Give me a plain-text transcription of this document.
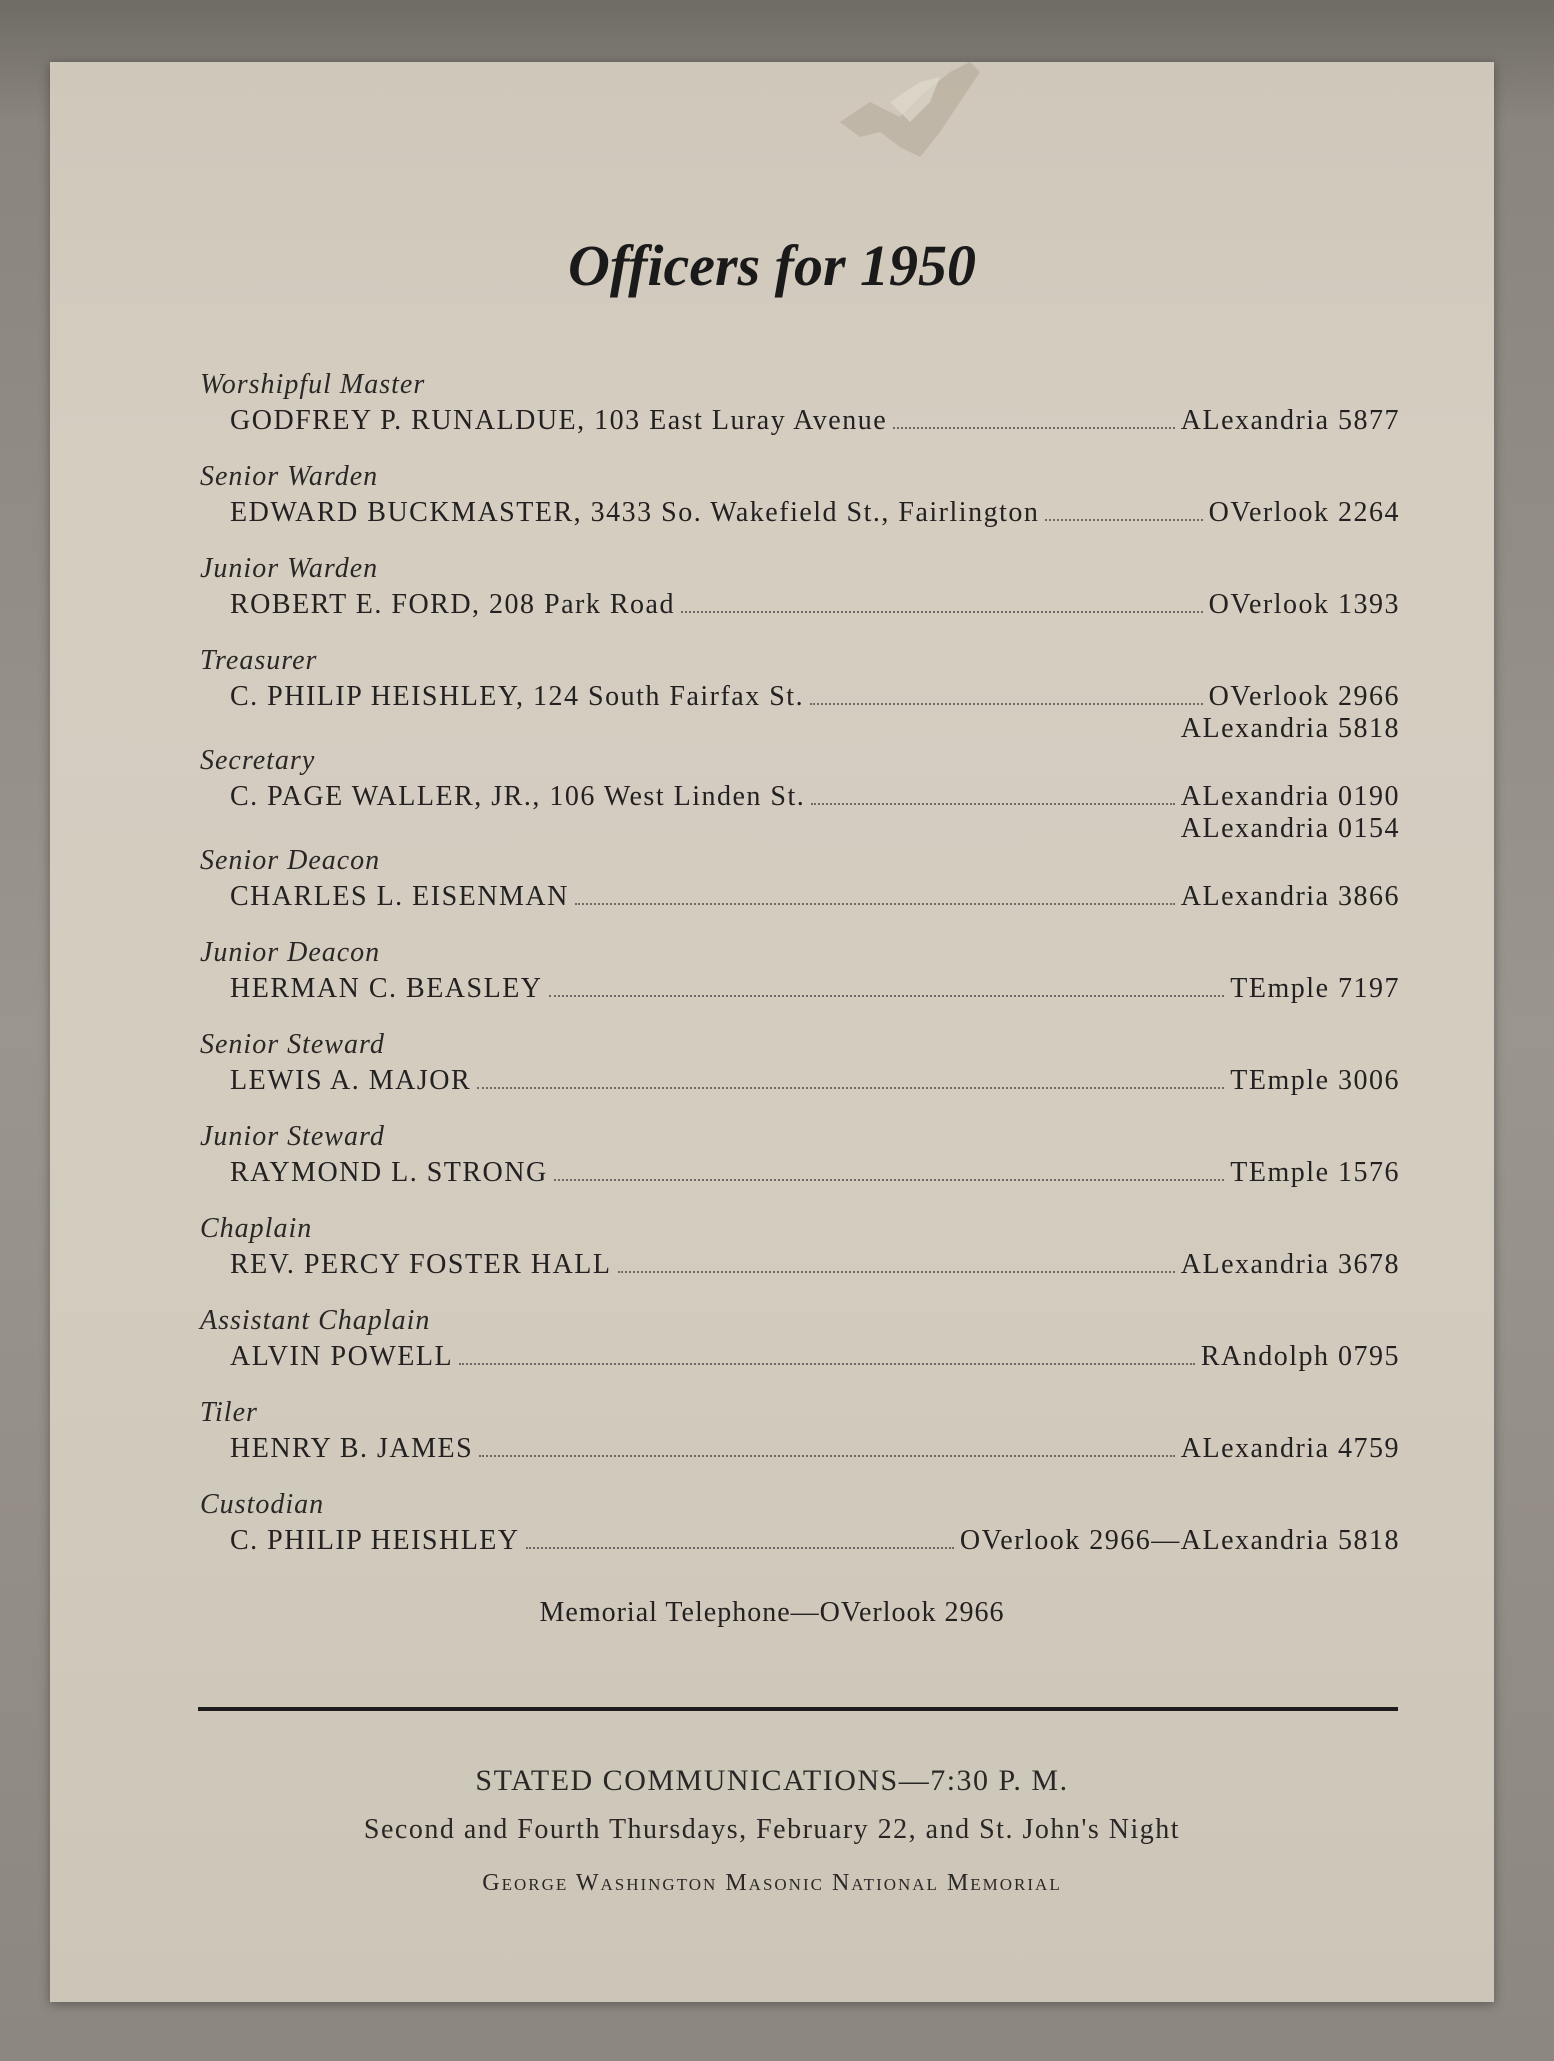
Officers for 1950
Worshipful Master
GODFREY P. RUNALDUE, 103 East Luray Avenue	ALexandria 5877
Senior Warden
EDWARD BUCKMASTER, 3433 So. Wakefield St., Fairlington	OVerlook 2264
Junior Warden
ROBERT E. FORD, 208 Park Road	OVerlook 1393
Treasurer
C. PHILIP HEISHLEY, 124 South Fairfax St.	OVerlook 2966
ALexandria 5818
Secretary
C. PAGE WALLER, JR., 106 West Linden St.	ALexandria 0190
ALexandria 0154
Senior Deacon
CHARLES L. EISENMAN	ALexandria 3866
Junior Deacon
HERMAN C. BEASLEY	TEmple 7197
Senior Steward
LEWIS A. MAJOR	TEmple 3006
Junior Steward
RAYMOND L. STRONG	TEmple 1576
Chaplain
REV. PERCY FOSTER HALL	ALexandria 3678
Assistant Chaplain
ALVIN POWELL	RAndolph 0795
Tiler
HENRY B. JAMES	ALexandria 4759
Custodian
C. PHILIP HEISHLEY	OVerlook 2966—ALexandria 5818
Memorial Telephone—OVerlook 2966
STATED COMMUNICATIONS—7:30 P. M.
Second and Fourth Thursdays, February 22, and St. John's Night
George Washington Masonic National Memorial
